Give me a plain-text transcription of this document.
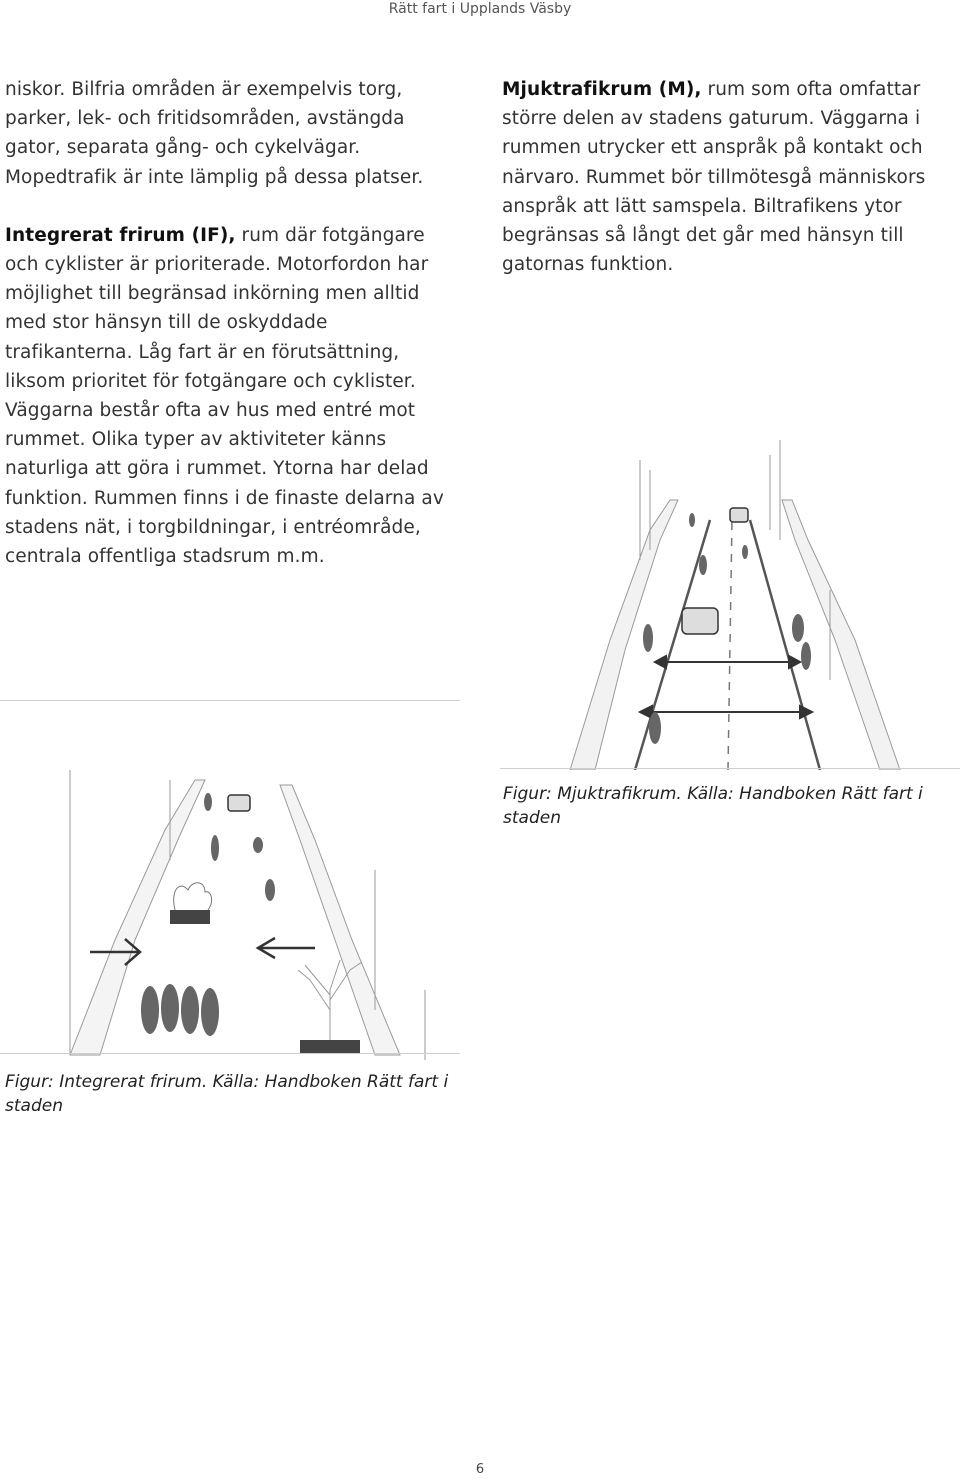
Rätt fart i Upplands Väsby

niskor. Bilfria områden är exempelvis torg, parker, lek- och fritidsområden, avstängda gator, separata gång- och cykelvägar. Mopedtrafik är inte lämplig på dessa platser.

Integrerat frirum (IF), rum där fotgängare och cyklister är prioriterade. Motorfordon har möjlighet till begränsad inkörning men alltid med stor hänsyn till de oskyddade trafikanterna. Låg fart är en förutsättning, liksom prioritet för fotgängare och cyklister. Väggarna består ofta av hus med entré mot rummet. Olika typer av aktiviteter känns naturliga att göra i rummet. Ytorna har delad funktion. Rummen finns i de finaste delarna av stadens nät, i torgbildningar, i entréområde, centrala offentliga stadsrum m.m.

Mjuktrafikrum (M), rum som ofta omfattar större delen av stadens gaturum. Väggarna i rummen utrycker ett anspråk på kontakt och närvaro. Rummet bör tillmötesgå människors anspråk att lätt samspela. Biltrafikens ytor begränsas så långt det går med hänsyn till gatornas funktion.

Figur: Mjuktrafikrum. Källa: Handboken Rätt fart i staden
Figur: Integrerat frirum. Källa: Handboken Rätt fart i staden
6
